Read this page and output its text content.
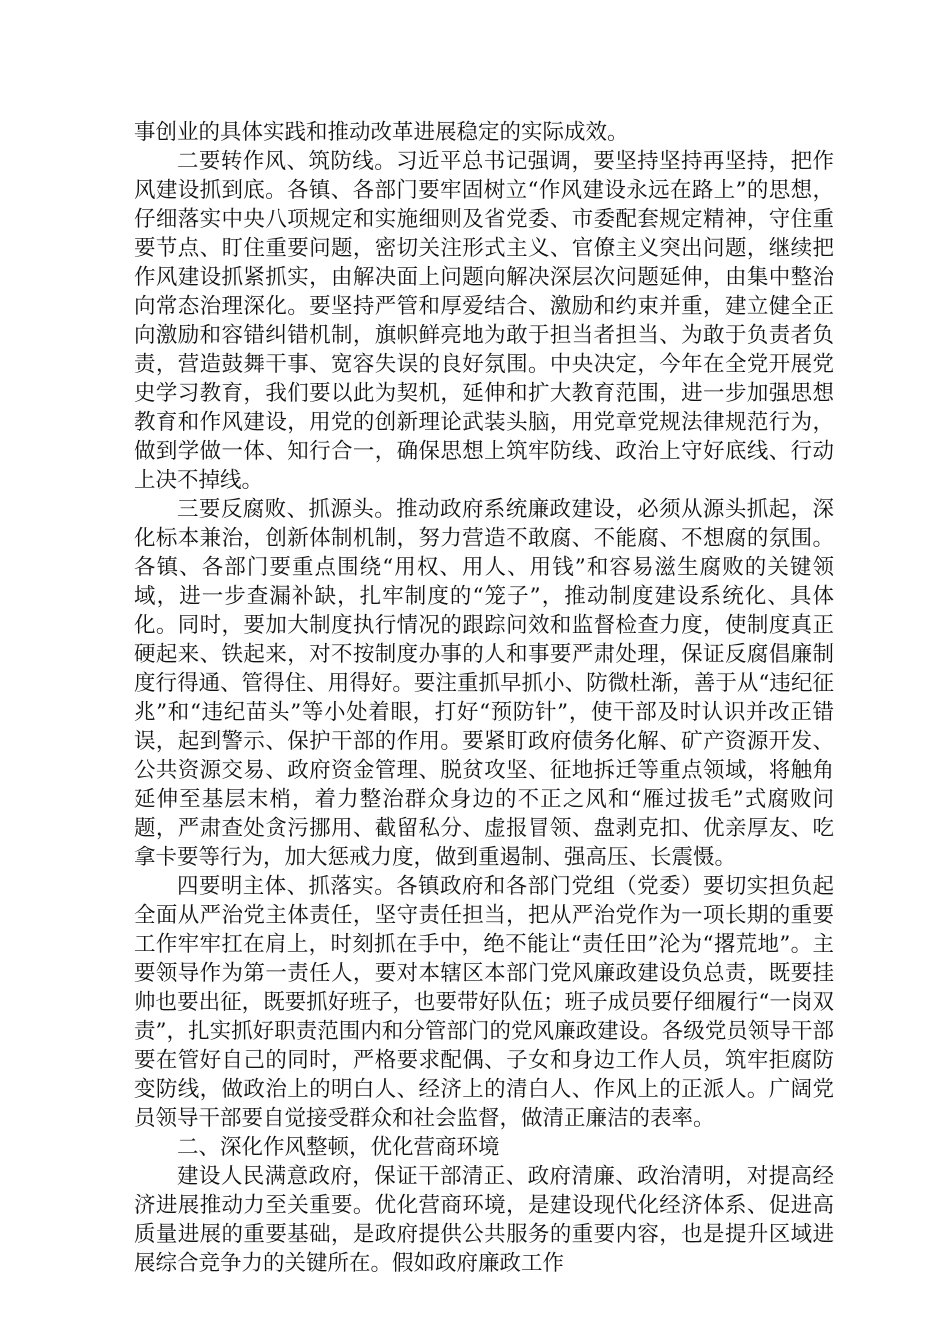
事创业的具体实践和推动改革进展稳定的实际成效。

二要转作风、筑防线。习近平总书记强调，要坚持坚持再坚持，把作风建设抓到底。各镇、各部门要牢固树立“作风建设永远在路上”的思想，仔细落实中央八项规定和实施细则及省党委、市委配套规定精神，守住重要节点、盯住重要问题，密切关注形式主义、官僚主义突出问题，继续把作风建设抓紧抓实，由解决面上问题向解决深层次问题延伸，由集中整治向常态治理深化。要坚持严管和厚爱结合、激励和约束并重，建立健全正向激励和容错纠错机制，旗帜鲜亮地为敢于担当者担当、为敢于负责者负责，营造鼓舞干事、宽容失误的良好氛围。中央决定，今年在全党开展党史学习教育，我们要以此为契机，延伸和扩大教育范围，进一步加强思想教育和作风建设，用党的创新理论武装头脑，用党章党规法律规范行为，做到学做一体、知行合一，确保思想上筑牢防线、政治上守好底线、行动上决不掉线。

三要反腐败、抓源头。推动政府系统廉政建设，必须从源头抓起，深化标本兼治，创新体制机制，努力营造不敢腐、不能腐、不想腐的氛围。各镇、各部门要重点围绕“用权、用人、用钱”和容易滋生腐败的关键领域，进一步查漏补缺，扎牢制度的“笼子”，推动制度建设系统化、具体化。同时，要加大制度执行情况的跟踪问效和监督检查力度，使制度真正硬起来、铁起来，对不按制度办事的人和事要严肃处理，保证反腐倡廉制度行得通、管得住、用得好。要注重抓早抓小、防微杜渐，善于从“违纪征兆”和“违纪苗头”等小处着眼，打好“预防针”，使干部及时认识并改正错误，起到警示、保护干部的作用。要紧盯政府债务化解、矿产资源开发、公共资源交易、政府资金管理、脱贫攻坚、征地拆迁等重点领域，将触角延伸至基层末梢，着力整治群众身边的不正之风和“雁过拔毛”式腐败问题，严肃查处贪污挪用、截留私分、虚报冒领、盘剥克扣、优亲厚友、吃拿卡要等行为，加大惩戒力度，做到重遏制、强高压、长震慑。

四要明主体、抓落实。各镇政府和各部门党组（党委）要切实担负起全面从严治党主体责任，坚守责任担当，把从严治党作为一项长期的重要工作牢牢扛在肩上，时刻抓在手中，绝不能让“责任田”沦为“撂荒地”。主要领导作为第一责任人，要对本辖区本部门党风廉政建设负总责，既要挂帅也要出征，既要抓好班子，也要带好队伍；班子成员要仔细履行“一岗双责”，扎实抓好职责范围内和分管部门的党风廉政建设。各级党员领导干部要在管好自己的同时，严格要求配偶、子女和身边工作人员，筑牢拒腐防变防线，做政治上的明白人、经济上的清白人、作风上的正派人。广阔党员领导干部要自觉接受群众和社会监督，做清正廉洁的表率。

二、深化作风整顿，优化营商环境

建设人民满意政府，保证干部清正、政府清廉、政治清明，对提高经济进展推动力至关重要。优化营商环境，是建设现代化经济体系、促进高质量进展的重要基础，是政府提供公共服务的重要内容，也是提升区域进展综合竞争力的关键所在。假如政府廉政工作
